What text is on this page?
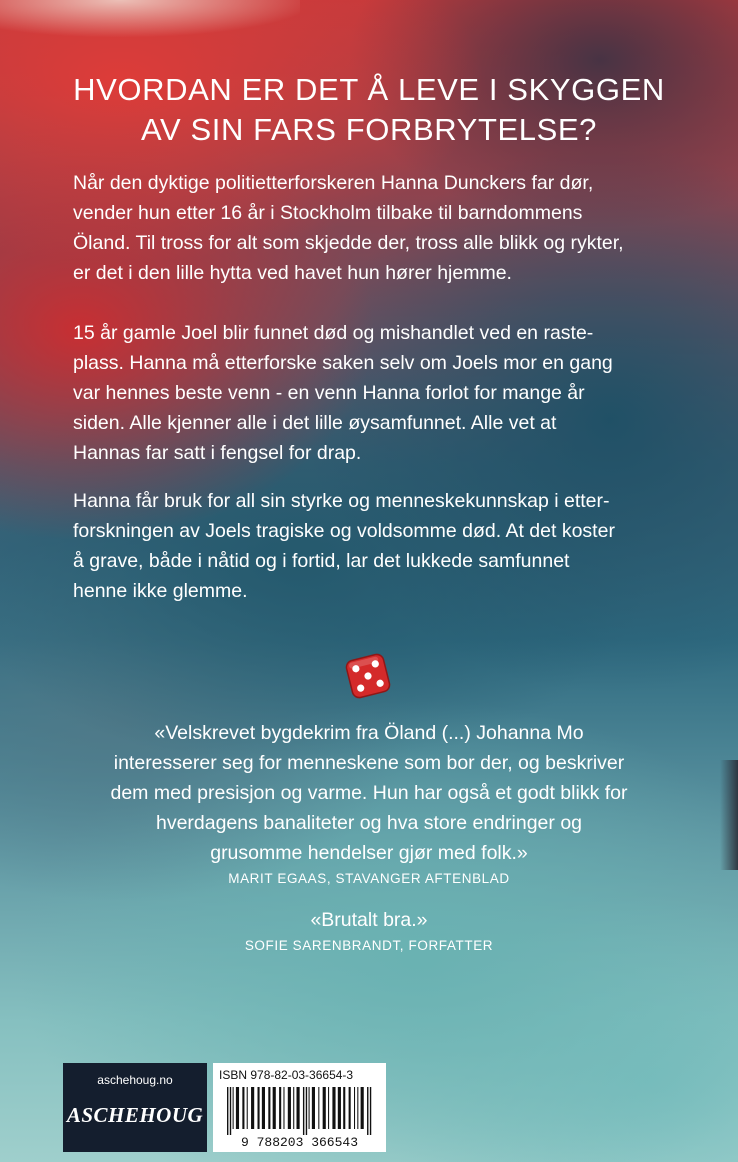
HVORDAN ER DET Å LEVE I SKYGGEN
AV SIN FARS FORBRYTELSE?

Når den dyktige politietterforskeren Hanna Dunckers far dør,
vender hun etter 16 år i Stockholm tilbake til barndommens
Öland. Til tross for alt som skjedde der, tross alle blikk og rykter,
er det i den lille hytta ved havet hun hører hjemme.

15 år gamle Joel blir funnet død og mishandlet ved en raste-
plass. Hanna må etterforske saken selv om Joels mor en gang
var hennes beste venn - en venn Hanna forlot for mange år
siden. Alle kjenner alle i det lille øysamfunnet. Alle vet at
Hannas far satt i fengsel for drap.

Hanna får bruk for all sin styrke og menneskekunnskap i etter-
forskningen av Joels tragiske og voldsomme død. At det koster
å grave, både i nåtid og i fortid, lar det lukkede samfunnet
henne ikke glemme.

«Velskrevet bygdekrim fra Öland (...) Johanna Mo
interesserer seg for menneskene som bor der, og beskriver
dem med presisjon og varme. Hun har også et godt blikk for
hverdagens banaliteter og hva store endringer og
grusomme hendelser gjør med folk.»
MARIT EGAAS, STAVANGER AFTENBLAD
«Brutalt bra.»
SOFIE SARENBRANDT, FORFATTER
aschehoug.no
ASCHEHOUG
ISBN 978-82-03-36654-3
9 788203 366543
